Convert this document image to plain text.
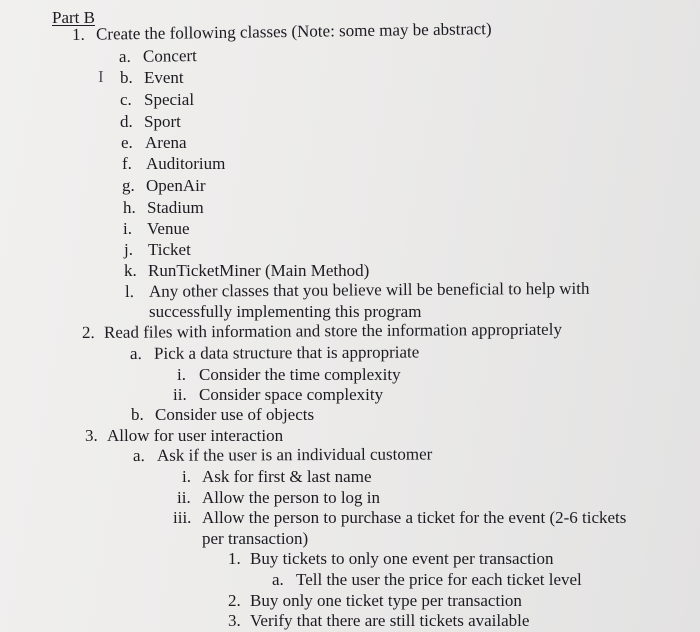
Part B
I
1. Create the following classes (Note: some may be abstract)
a. Concert
b. Event
c. Special
d. Sport
e. Arena
f. Auditorium
g. OpenAir
h. Stadium
i. Venue
j. Ticket
k. RunTicketMiner (Main Method)
l. Any other classes that you believe will be beneficial to help with
successfully implementing this program
2. Read files with information and store the information appropriately
a. Pick a data structure that is appropriate
i. Consider the time complexity
ii. Consider space complexity
b. Consider use of objects
3. Allow for user interaction
a. Ask if the user is an individual customer
i. Ask for first & last name
ii. Allow the person to log in
iii. Allow the person to purchase a ticket for the event (2-6 tickets
per transaction)
1. Buy tickets to only one event per transaction
a. Tell the user the price for each ticket level
2. Buy only one ticket type per transaction
3. Verify that there are still tickets available
